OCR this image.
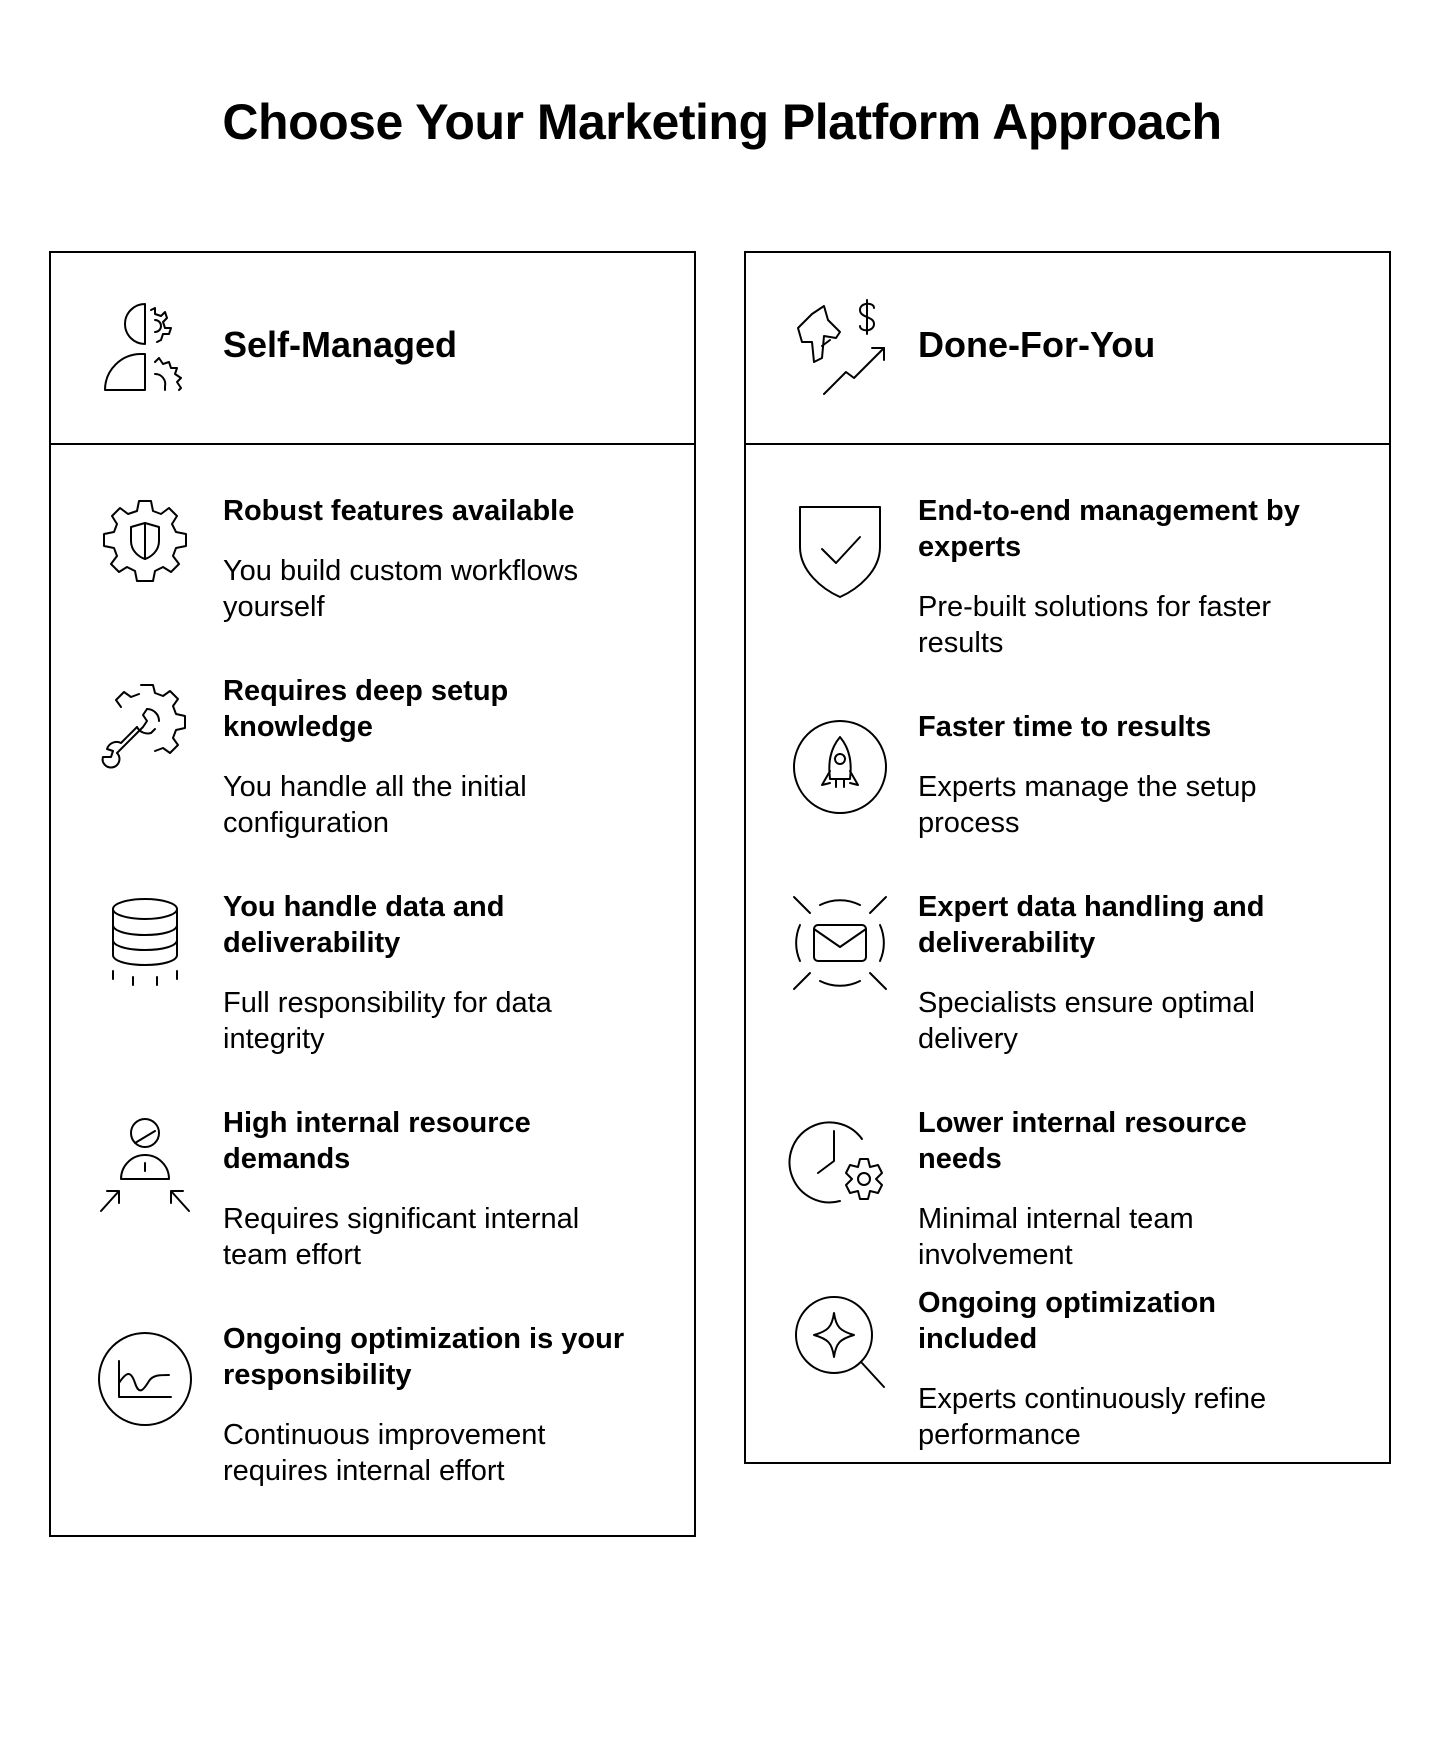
Choose Your Marketing Platform Approach
Self-Managed
Robust features available
You build custom workflows yourself
Requires deep setup knowledge
You handle all the initial configuration
You handle data and deliverability
Full responsibility for data integrity
High internal resource demands
Requires significant internal team effort
Ongoing optimization is your responsibility
Continuous improvement requires internal effort
Done-For-You
End-to-end management by experts
Pre-built solutions for faster results
Faster time to results
Experts manage the setup process
Expert data handling and deliverability
Specialists ensure optimal delivery
Lower internal resource needs
Minimal internal team involvement
Ongoing optimization included
Experts continuously refine performance
